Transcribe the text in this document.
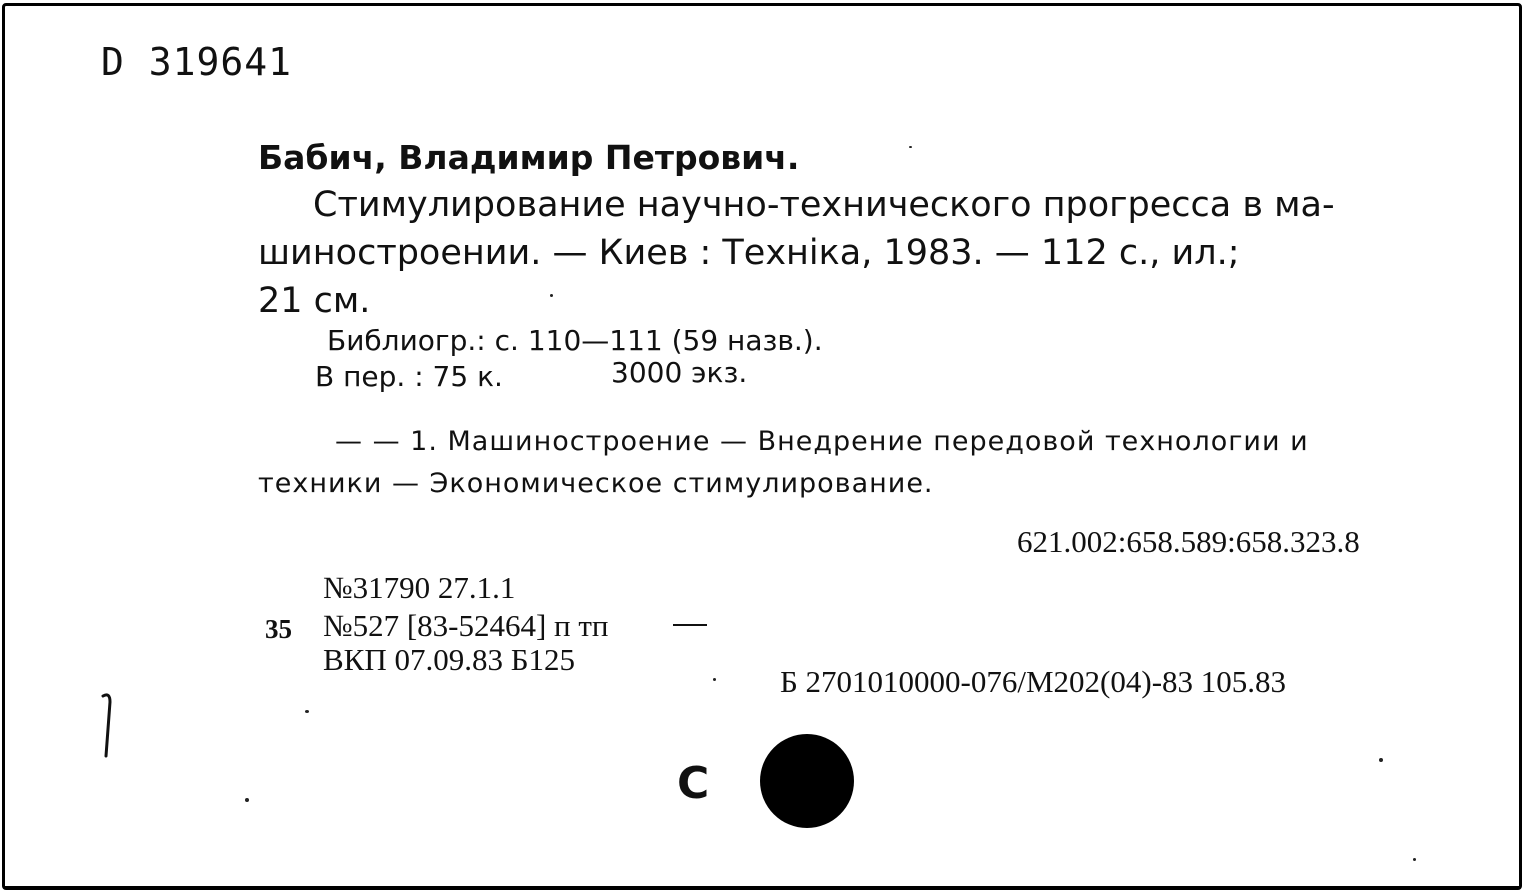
D 319641
Бабич, Владимир Петрович.
Стимулирование научно-технического прогресса в ма-
шиностроении. — Киев : Техніка, 1983. — 112 с., ил.;
21 см.
Библиогр.: с. 110—111 (59 назв.).
В пер. : 75 к.	3000 экз.
— — 1. Машиностроение — Внедрение передовой технологии и
техники — Экономическое стимулирование.
621.002:658.589:658.323.8
№31790 27.1.1
35 №527 [83-52464] п тп
ВКП 07.09.83 Б125
Б 2701010000-076/М202(04)-83 105.83
С
